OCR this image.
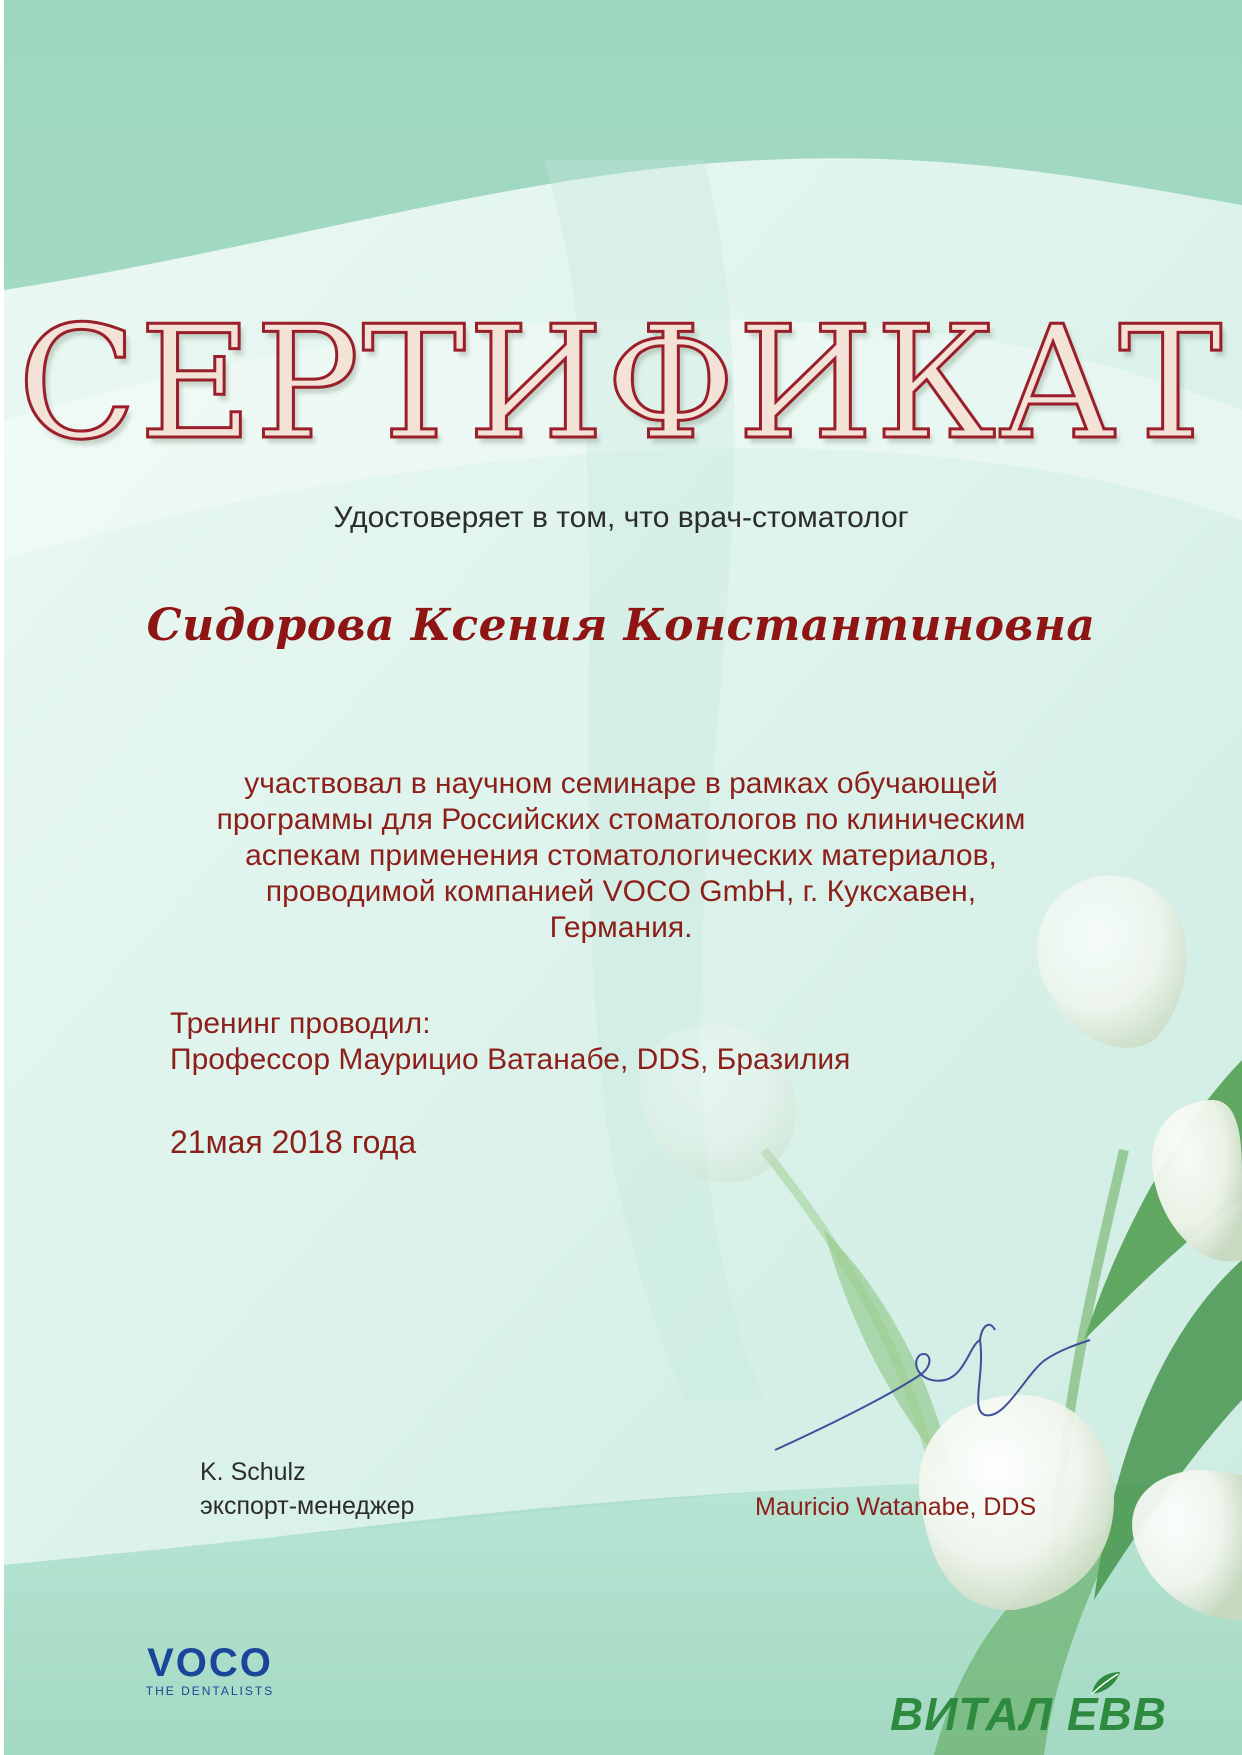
СЕРТИФИКАТ
Удостоверяет в том, что врач-стоматолог
Сидорова Ксения Константиновна
участвовал в научном семинаре в рамках обучающей
программы для Российских стоматологов по клиническим
аспекам применения стоматологических материалов,
проводимой компанией VOCO GmbH, г. Куксхавен,
Германия.
Тренинг проводил:
Профессор Маурицио Ватанабе, DDS, Бразилия
21мая 2018 года
K. Schulz
экспорт-менеджер	Mauricio Watanabe, DDS
VOCO
THE DENTALISTS	ВИТАЛ ЕВВ
